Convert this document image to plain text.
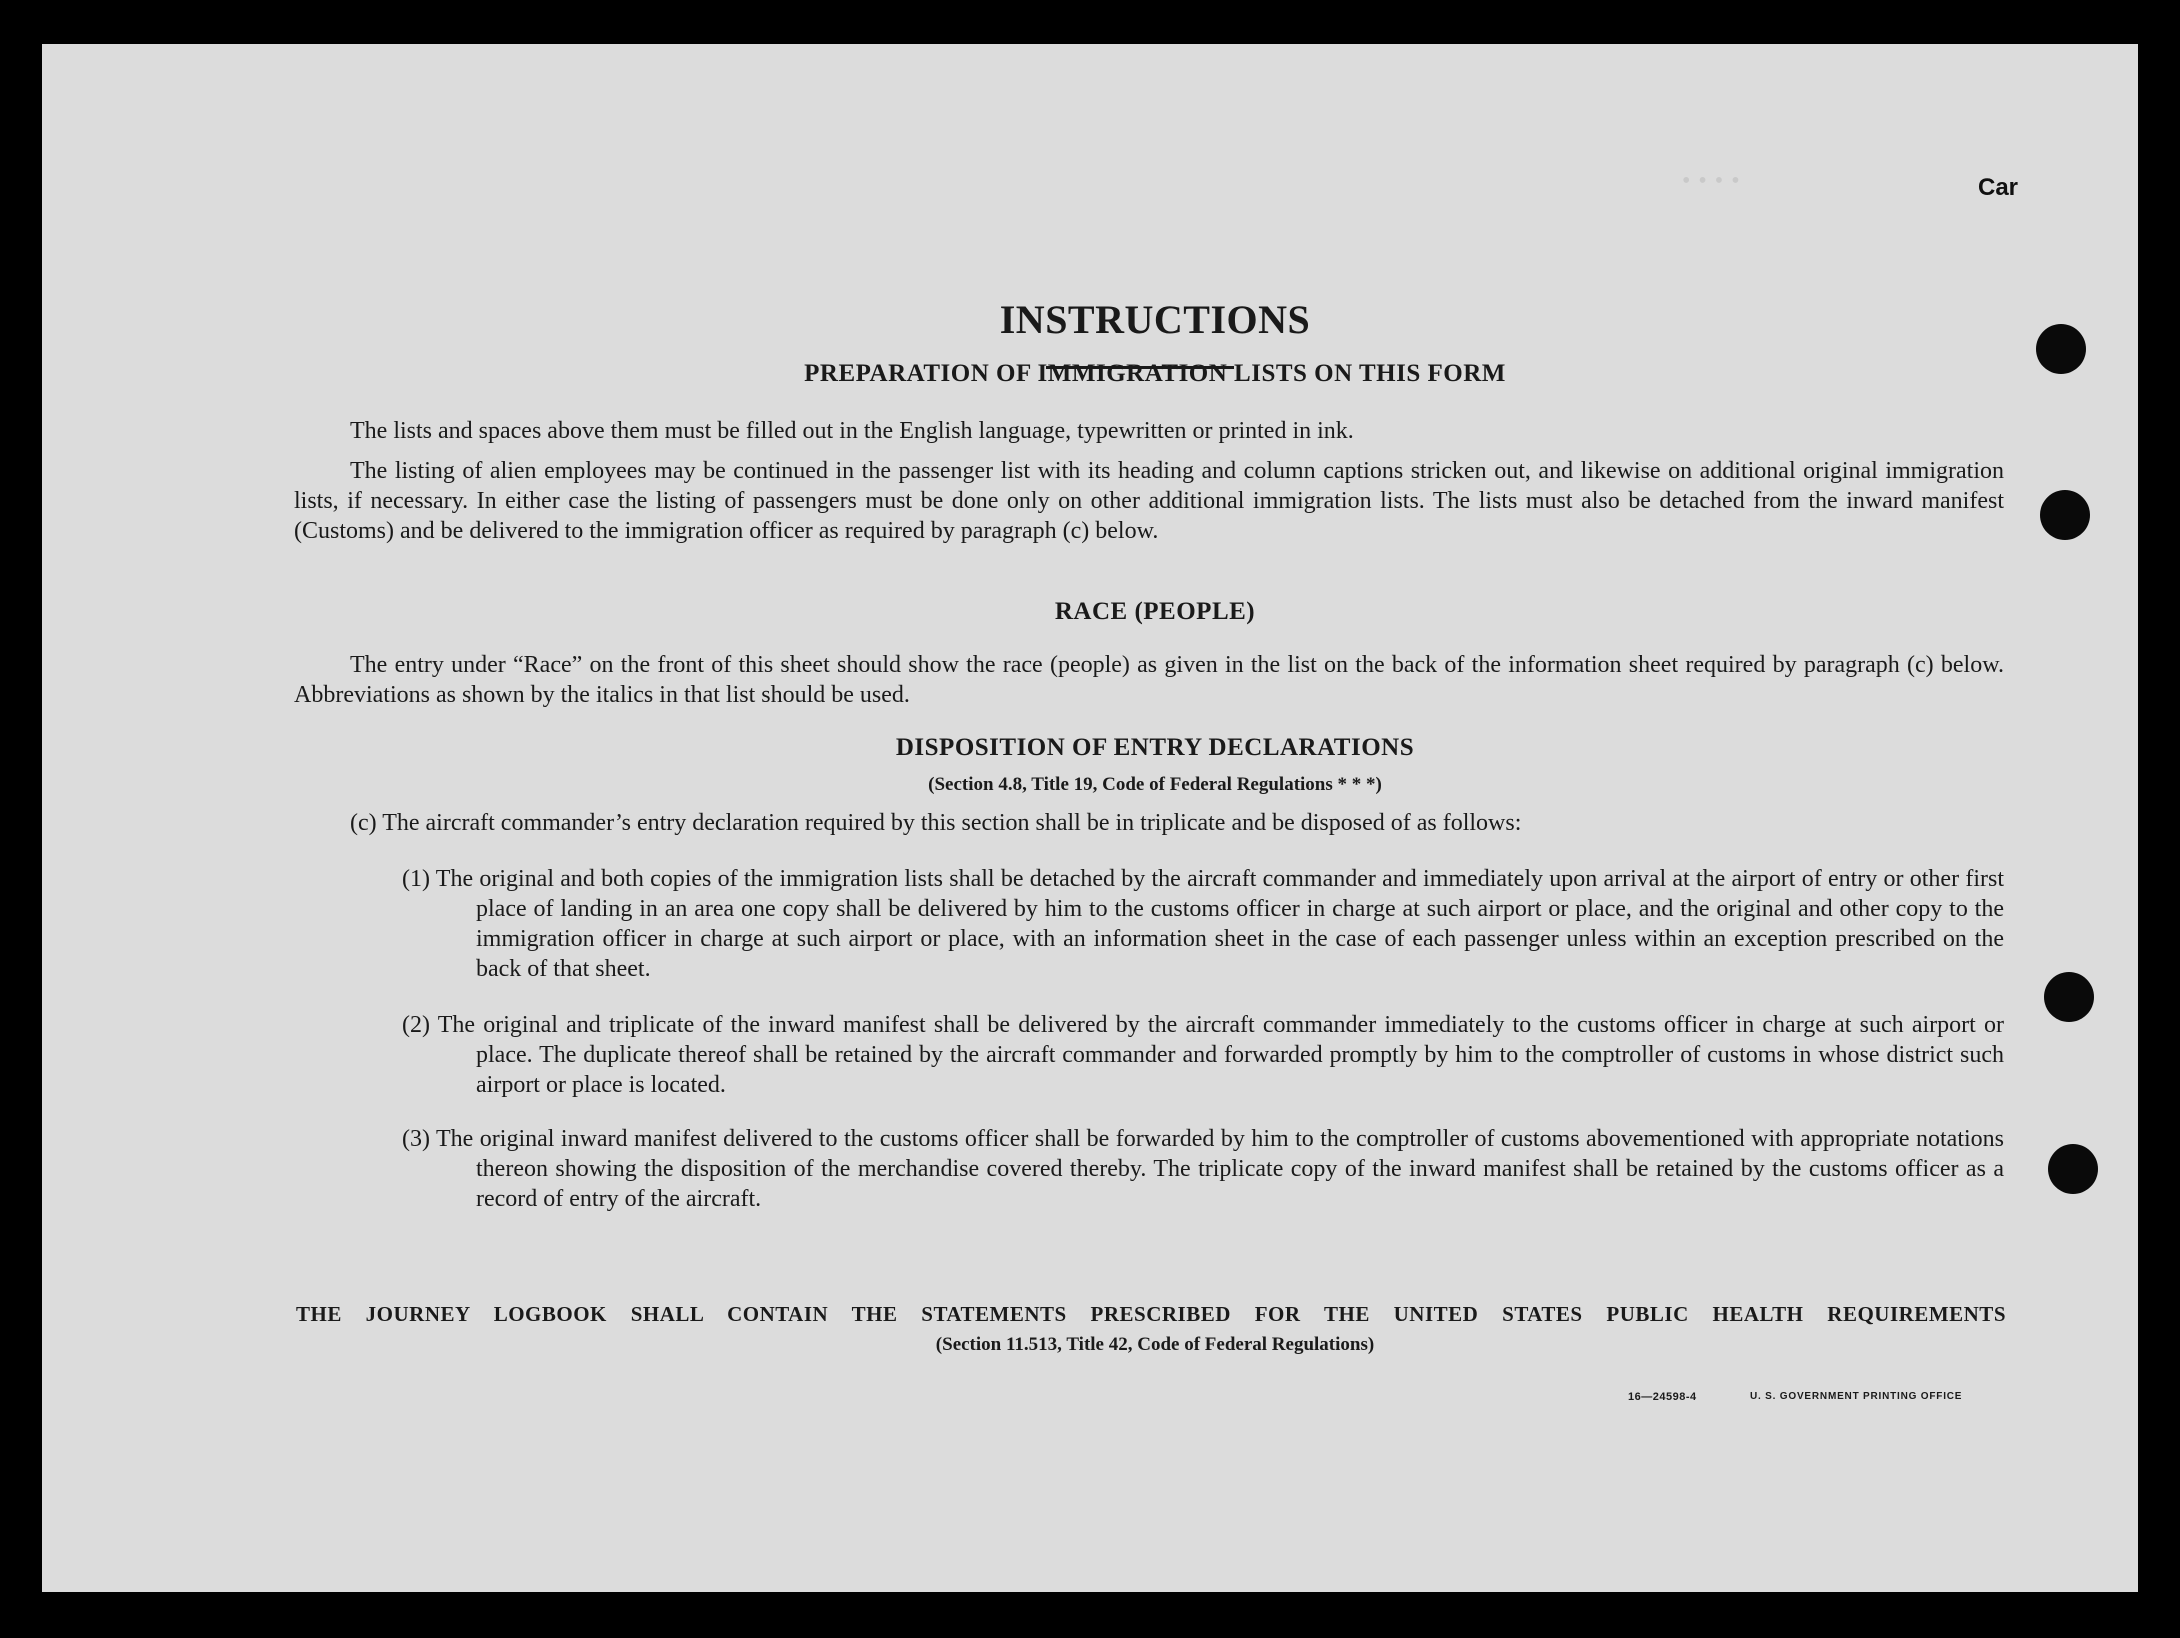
• • • •	Car
INSTRUCTIONS
PREPARATION OF IMMIGRATION LISTS ON THIS FORM

The lists and spaces above them must be filled out in the English language, typewritten or printed in ink.

The listing of alien employees may be continued in the passenger list with its heading and column captions stricken out, and likewise on additional original immigration lists, if necessary. In either case the listing of passengers must be done only on other additional immigration lists. The lists must also be detached from the inward manifest (Customs) and be delivered to the immigration officer as required by paragraph (c) below.

RACE (PEOPLE)

The entry under “Race” on the front of this sheet should show the race (people) as given in the list on the back of the information sheet required by paragraph (c) below. Abbreviations as shown by the italics in that list should be used.

DISPOSITION OF ENTRY DECLARATIONS
(Section 4.8, Title 19, Code of Federal Regulations * * *)

(c) The aircraft commander’s entry declaration required by this section shall be in triplicate and be disposed of as follows:

(1) The original and both copies of the immigration lists shall be detached by the aircraft commander and immediately upon arrival at the airport of entry or other first place of landing in an area one copy shall be delivered by him to the customs officer in charge at such airport or place, and the original and other copy to the immigration officer in charge at such airport or place, with an information sheet in the case of each passenger unless within an exception prescribed on the back of that sheet.

(2) The original and triplicate of the inward manifest shall be delivered by the aircraft commander immediately to the customs officer in charge at such airport or place. The duplicate thereof shall be retained by the aircraft commander and forwarded promptly by him to the comptroller of customs in whose district such airport or place is located.

(3) The original inward manifest delivered to the customs officer shall be forwarded by him to the comptroller of customs abovementioned with appropriate notations thereon showing the disposition of the merchandise covered thereby. The triplicate copy of the inward manifest shall be retained by the customs officer as a record of entry of the aircraft.

THE JOURNEY LOGBOOK SHALL CONTAIN THE STATEMENTS PRESCRIBED FOR THE UNITED STATES PUBLIC HEALTH REQUIREMENTS
(Section 11.513, Title 42, Code of Federal Regulations)
16—24598-4	U. S. GOVERNMENT PRINTING OFFICE
